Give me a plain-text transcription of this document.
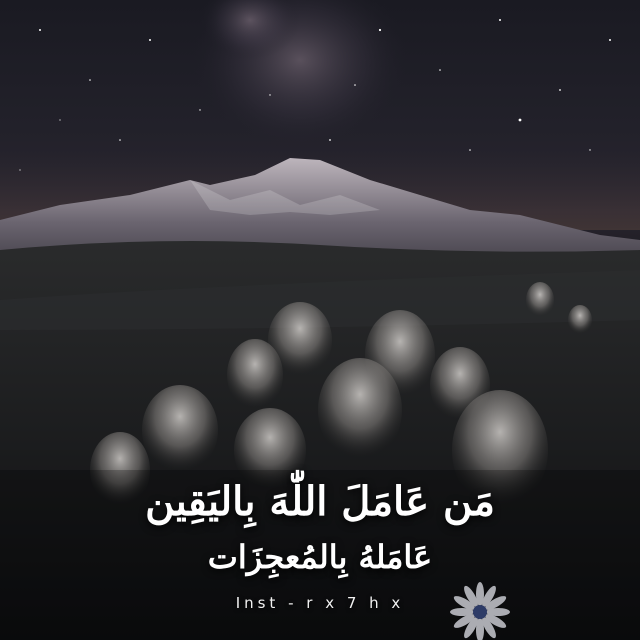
مَن عَامَلَ اللّٰهَ بِاليَقِين
عَامَلهُ بِالمُعجِزَات
Inst - r x 7 h x
